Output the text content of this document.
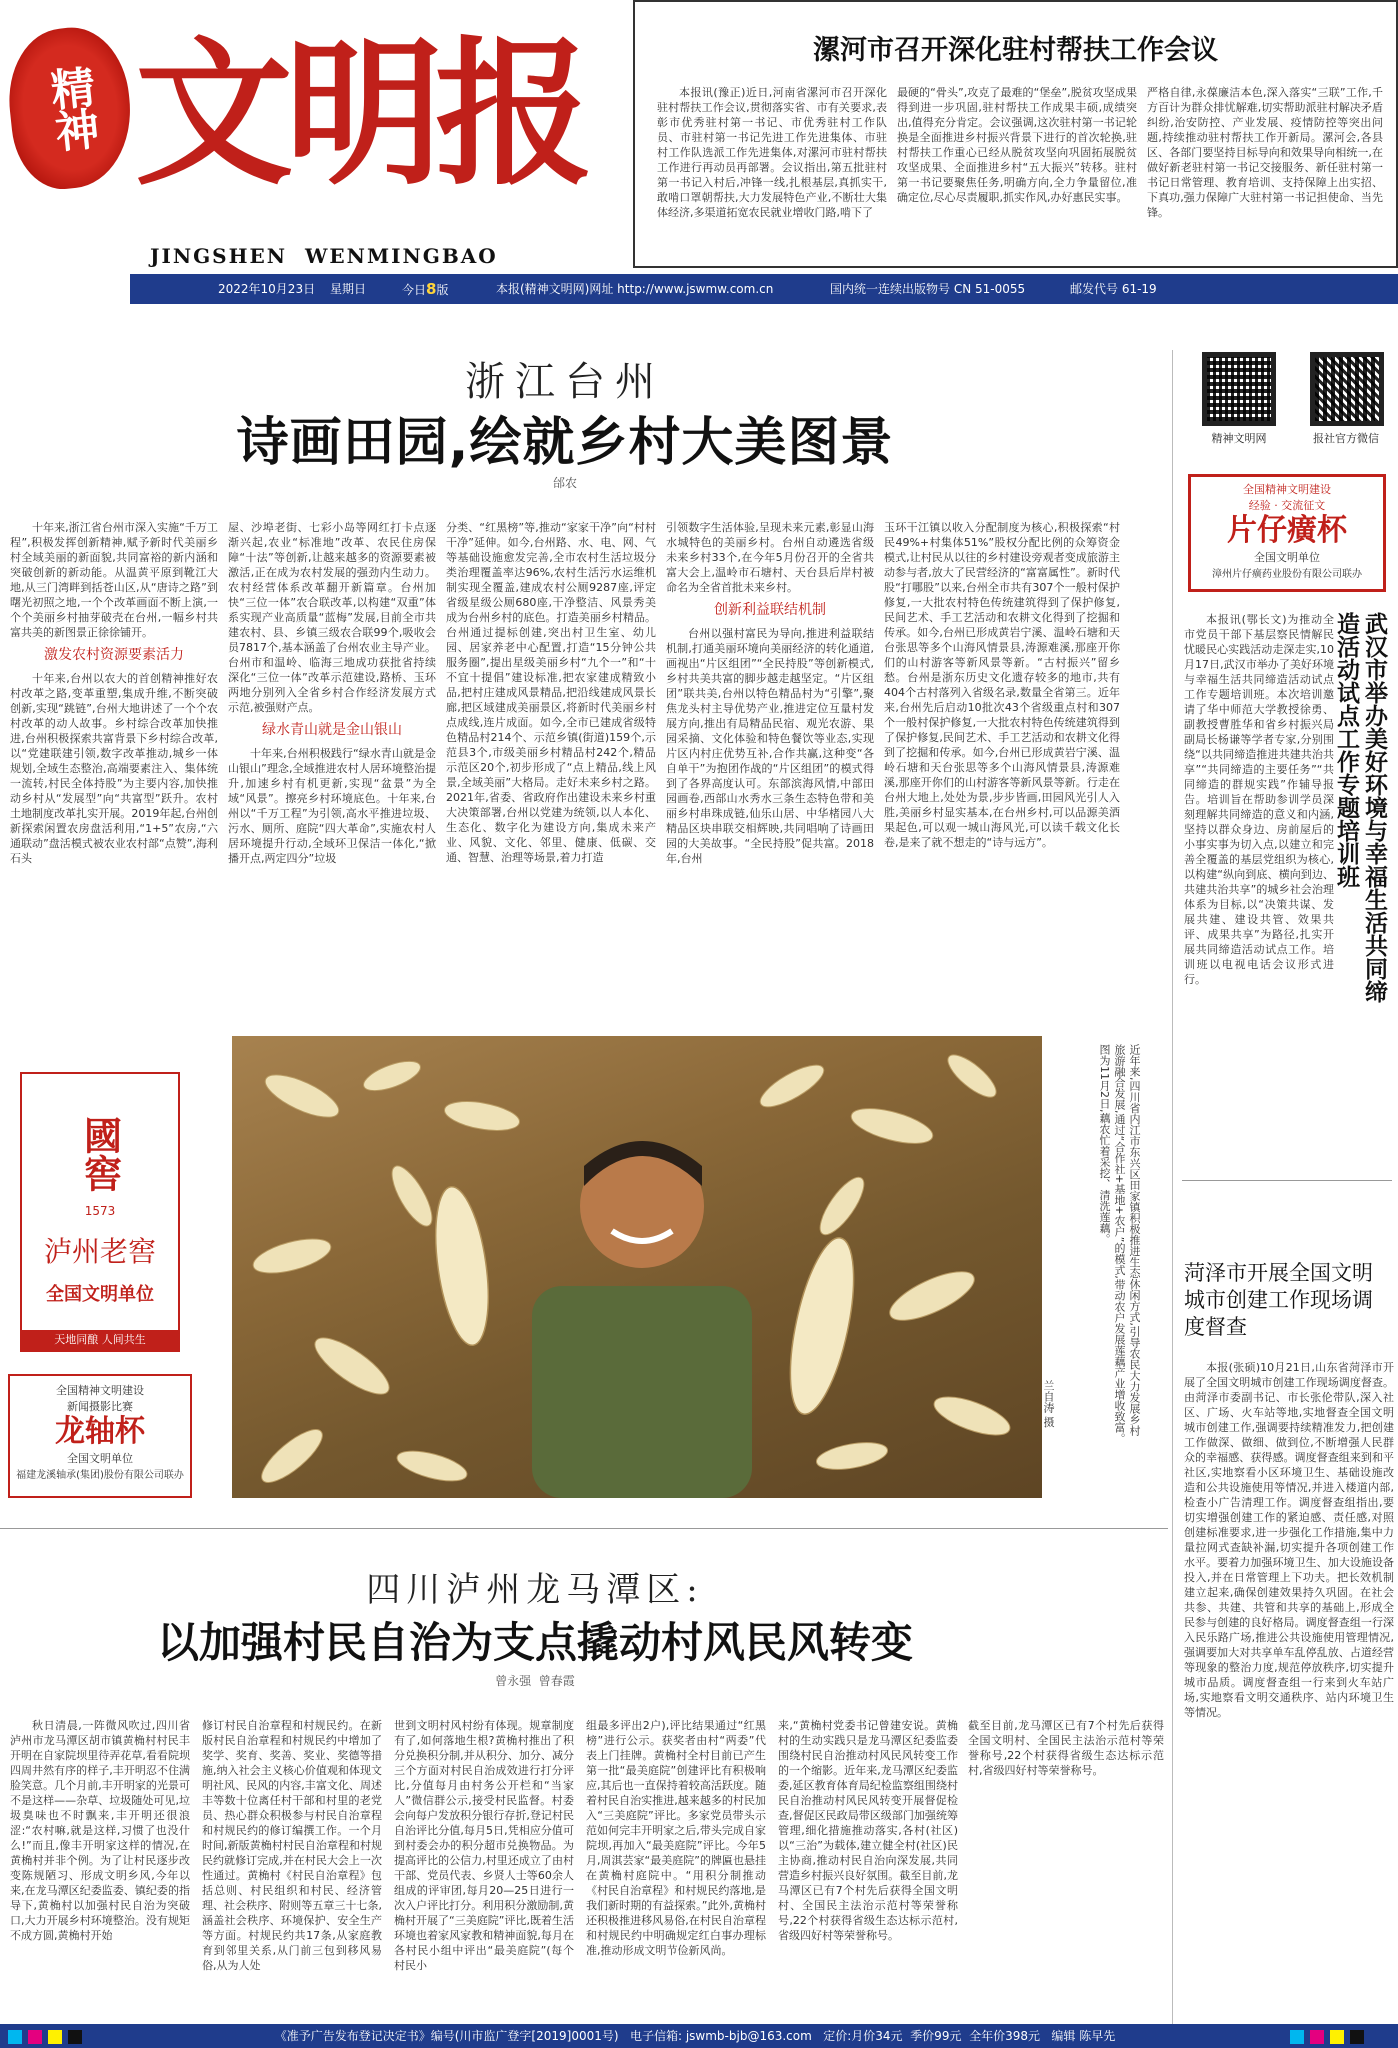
精神 文明报
JINGSHEN  WENMINGBAO
漯河市召开深化驻村帮扶工作会议
本报讯(豫正)近日,河南省漯河市召开深化驻村帮扶工作会议,贯彻落实省、市有关要求,表彰市优秀驻村第一书记、市优秀驻村工作队员、市驻村第一书记先进工作先进集体、市驻村工作队选派工作先进集体,对漯河市驻村帮扶工作进行再动员再部署。会议指出,第五批驻村第一书记入村后,冲锋一线,扎根基层,真抓实干,敢啃口罩朝帮扶,大力发展特色产业,不断壮大集体经济,多渠道拓宽农民就业增收门路,啃下了
最硬的“骨头”,攻克了最难的“堡垒”,脱贫攻坚成果得到进一步巩固,驻村帮扶工作成果丰硕,成绩突出,值得充分肯定。会议强调,这次驻村第一书记轮换是全面推进乡村振兴背景下进行的首次轮换,驻村帮扶工作重心已经从脱贫攻坚向巩固拓展脱贫攻坚成果、全面推进乡村“五大振兴”转移。驻村第一书记要聚焦任务,明确方向,全力争量留位,准确定位,尽心尽责履职,抓实作风,办好惠民实事。
严格自律,永葆廉洁本色,深入落实“三联”工作,千方百计为群众排忧解难,切实帮助派驻村解决矛盾纠纷,治安防控、产业发展、疫情防控等突出问题,持续推动驻村帮扶工作开新局。漯河会,各县区、各部门要坚持目标导向和效果导向相统一,在做好新老驻村第一书记交接服务、新任驻村第一书记日常管理、教育培训、支持保障上出实招、下真功,强力保障广大驻村第一书记担使命、当先锋。
2022年10月23日 星期日	今日8版	本报(精神文明网)网址 http://www.jswmw.com.cn	国内统一连续出版物号 CN 51-0055	邮发代号 61-19
浙江台州
诗画田园,绘就乡村大美图景
邰农

十年来,浙江省台州市深入实施“千万工程”,积极发挥创新精神,赋予新时代美丽乡村全域美丽的新面貌,共同富裕的新内涵和突破创新的新动能。从温黄平原到靴江大地,从三门湾畔到括苍山区,从“唐诗之路”到曙光初照之地,一个个改革画面不断上演,一个个美丽乡村抽芽破壳在台州,一幅乡村共富共美的新图景正徐徐铺开。

激发农村资源要素活力

十年来,台州以农大的首创精神推好农村改革之路,变革重塑,集成升维,不断突破创新,实现“跳链”,台州大地讲述了一个个农村改革的动人故事。乡村综合改革加快推进,台州积极探索共富背景下乡村综合改革,以“党建联建引领,数字改革推动,城乡一体规划,全域生态整治,高端要素注入、集体统一流转,村民全体持股”为主要内容,加快推动乡村从“发展型”向“共富型”跃升。农村土地制度改革扎实开展。2019年起,台州创新探索闲置农房盘活利用,“1+5”农房,“六通联动”盘活模式被农业农村部“点赞”,海利石头

屋、沙埠老街、七彩小岛等网红打卡点逐渐兴起,农业“标准地”改革、农民住房保障“十法”等创新,让越来越多的资源要素被激活,正在成为农村发展的强劲内生动力。农村经营体系改革翻开新篇章。台州加快“三位一体”农合联改革,以构建“双重”体系实现产业高质量“蓝梅”发展,目前全市共建农村、县、乡镇三级农合联99个,吸收会员7817个,基本涵盖了台州农业主导产业。台州市和温岭、临海三地成功获批省持续深化“三位一体”改革示范建设,路桥、玉环两地分别列入全省乡村合作经济发展方式示范,被强财产点。

绿水青山就是金山银山

十年来,台州积极践行“绿水青山就是金山银山”理念,全域推进农村人居环境整治提升,加速乡村有机更新,实现“盆景”为全域“风景”。擦亮乡村环境底色。十年来,台州以“千万工程”为引领,高水平推进垃圾、污水、厕所、庭院“四大革命”,实施农村人居环境提升行动,全域环卫保洁一体化,“掀播开点,两定四分”垃圾

分类、“红黑榜”等,推动“家家干净”向“村村干净”延伸。如今,台州路、水、电、网、气等基础设施愈发完善,全市农村生活垃圾分类治理覆盖率达96%,农村生活污水运维机制实现全覆盖,建成农村公厕9287座,评定省级星级公厕680座,干净整洁、风景秀美成为台州乡村的底色。打造美丽乡村精品。台州通过提标创建,突出村卫生室、幼儿园、居家养老中心配置,打造“15分钟公共服务圈”,提出星级美丽乡村“九个一”和“十不宜十提倡”建设标准,把农家建成精致小品,把村庄建成风景精品,把沿线建成风景长廊,把区域建成美丽景区,将新时代美丽乡村点成线,连片成面。如今,全市已建成省级特色精品村214个、示范乡镇(街道)159个,示范县3个,市级美丽乡村精品村242个,精品示范区20个,初步形成了“点上精品,线上风景,全域美丽”大格局。走好未来乡村之路。2021年,省委、省政府作出建设未来乡村重大决策部署,台州以党建为统领,以人本化、生态化、数字化为建设方向,集成未来产业、风貌、文化、邻里、健康、低碳、交通、智慧、治理等场景,着力打造

引领数字生活体验,呈现未来元素,彰显山海水城特色的美丽乡村。台州自动遴选省级未来乡村33个,在今年5月份召开的全省共富大会上,温岭市石塘村、天台县后岸村被命名为全省首批未来乡村。

创新利益联结机制

台州以强村富民为导向,推进利益联结机制,打通美丽环境向美丽经济的转化通道,画视出“片区组团”“全民持股”等创新模式,乡村共美共富的脚步越走越坚定。“片区组团”联共美,台州以特色精品村为“引擎”,聚焦龙头村主导优势产业,推进定位互量村发展方向,推出有局精品民宿、观光农游、果园采摘、文化体验和特色餐饮等业态,实现片区内村庄优势互补,合作共赢,这种变“各自单干”为抱团作战的“片区组团”的模式得到了各界高度认可。东部滨海风情,中部田园画卷,西部山水秀水三条生态特色带和美丽乡村串珠成链,仙乐山居、中华楮园八大精品区块串联交相辉映,共同唱响了诗画田园的大美故事。“全民持股”促共富。2018年,台州

玉环干江镇以收入分配制度为核心,积极探索“村民49%+村集体51%”股权分配比例的众筹资金模式,让村民从以往的乡村建设旁观者变成旅游主动参与者,放大了民营经济的“富富属性”。新时代股“打哪股”以来,台州全市共有307个一般村保护修复,一大批农村特色传统建筑得到了保护修复,民间艺术、手工艺活动和农耕文化得到了挖掘和传承。如今,台州已形成黄岩宁溪、温岭石塘和天台张思等多个山海风情景县,涛源难溪,那座开你们的山村游客等新风景等新。“古村振兴”留乡愁。台州是浙东历史文化遗存较多的地市,共有404个古村落列入省级名录,数量全省第三。近年来,台州先后启动10批次43个省级重点村和307个一般村保护修复,一大批农村特色传统建筑得到了保护修复,民间艺术、手工艺活动和农耕文化得到了挖掘和传承。如今,台州已形成黄岩宁溪、温岭石塘和天台张思等多个山海风情景县,涛源难溪,那座开你们的山村游客等新风景等新。行走在台州大地上,处处为景,步步皆画,田园风光引人入胜,美丽乡村显实基本,在台州乡村,可以品源美酒果起色,可以观一城山海风光,可以读千载文化长卷,是来了就不想走的“诗与远方”。
精神文明网	报社官方微信
全国精神文明建设
经验 · 交流征文
片仔癀杯
全国文明单位
漳州片仔癀药业股份有限公司联办
武汉市举办美好环境与幸福生活共同缔造活动试点工作专题培训班
本报讯(鄂长文)为推动全市党员干部下基层察民情解民忧暖民心实践活动走深走实,10月17日,武汉市举办了美好环境与幸福生活共同缔造活动试点工作专题培训班。本次培训邀请了华中师范大学教授徐勇、副教授曹胜华和省乡村振兴局副局长杨谦等学者专家,分别围绕“以共同缔造推进共建共治共享”“共同缔造的主要任务”“共同缔造的群规实践”作辅导报告。培训旨在帮助参训学员深刻理解共同缔造的意义和内涵,坚持以群众身边、房前屋后的小事实事为切入点,以建立和完善全覆盖的基层党组织为核心,以构建“纵向到底、横向到边、共建共治共享”的城乡社会治理体系为目标,以“决策共谋、发展共建、建设共管、效果共评、成果共享”为路径,扎实开展共同缔造活动试点工作。培训班以电视电话会议形式进行。
菏泽市开展全国文明城市创建工作现场调度督查
本报(张硕)10月21日,山东省菏泽市开展了全国文明城市创建工作现场调度督查。由菏泽市委副书记、市长张伦带队,深入社区、广场、火车站等地,实地督查全国文明城市创建工作,强调要持续精准发力,把创建工作做深、做细、做到位,不断增强人民群众的幸福感、获得感。调度督查组来到和平社区,实地察看小区环境卫生、基础设施改造和公共设施使用等情况,并进入楼道内部,检查小广告清理工作。调度督查组指出,要切实增强创建工作的紧迫感、责任感,对照创建标准要求,进一步强化工作措施,集中力量拉网式查缺补漏,切实提升各项创建工作水平。要着力加强环境卫生、加大设施设备投入,并在日常管理上下功夫。把长效机制建立起来,确保创建效果持久巩固。在社会共参、共建、共管和共享的基础上,形成全民参与创建的良好格局。调度督查组一行深入民乐路广场,推进公共设施使用管理情况,强调要加大对共享单车乱停乱放、占道经营等现象的整治力度,规范停放秩序,切实提升城市品质。调度督查组一行来到火车站广场,实地察看文明交通秩序、站内环境卫生等情况。
近年来,四川省内江市东兴区田家镇积极推进生态休闲方式,引导农民大力发展乡村旅游融合发展,通过“合作社+基地+农户”的模式,带动农户发展莲藕产业增收致富。图为11月2日,藕农忙着采挖、清洗莲藕。
兰自涛 摄
國窖
1573
泸州老窖
全国文明单位
天地同酿 人间共生
全国精神文明建设
新闻摄影比赛
龙轴杯
全国文明单位
福建龙溪轴承(集团)股份有限公司联办
四川泸州龙马潭区:
以加强村民自治为支点撬动村风民风转变
曾永强  曾春霞
秋日清晨,一阵微风吹过,四川省泸州市龙马潭区胡市镇黄桷村村民丰开明在自家院坝里待弄花草,看看院坝四周井然有序的样子,丰开明忍不住满脸笑意。几个月前,丰开明家的光景可不是这样——杂草、垃圾随处可见,垃圾臭味也不时飘来,丰开明还很浪涩:“农村嘛,就是这样,习惯了也没什么!”而且,像丰开明家这样的情况,在黄桷村并非个例。为了让村民逐步改变陈规陋习、形成文明乡风,今年以来,在龙马潭区纪委监委、镇纪委的指导下,黄桷村以加强村民自治为突破口,大力开展乡村环境整治。没有规矩不成方圆,黄桷村开始
修订村民自治章程和村规民约。在新版村民自治章程和村规民约中增加了奖学、奖育、奖善、奖业、奖德等措施,纳入社会主义核心价值观和体现文明社风、民风的内容,丰富文化、周述丰等数十位离任村干部和村里的老党员、热心群众积极参与村民自治章程和村规民约的修订编撰工作。一个月时间,新版黄桷村村民自治章程和村规民约就修订完成,并在村民大会上一次性通过。黄桷村《村民自治章程》包括总则、村民组织和村民、经济管理、社会秩序、附则等五章三十七条,涵盖社会秩序、环境保护、安全生产等方面。村规民约共17条,从家庭教育到邻里关系,从门前三包到移风易俗,从为人处
世到文明村风村纷有体现。规章制度有了,如何落地生根?黄桷村推出了积分兑换积分制,并从积分、加分、减分三个方面对村民自治成效进行打分评比,分值每月由村务公开栏和“当家人”微信群公示,接受村民监督。村委会向每户发放积分银行存折,登记村民自治评比分值,每月5日,凭相应分值可到村委会办的积分超市兑换物品。为提高评比的公信力,村里还成立了由村干部、党员代表、乡贤人士等60余人组成的评审团,每月20—25日进行一次入户评比打分。利用积分激励制,黄桷村开展了“三美庭院”评比,既着生活环境也着家风家教和精神面貌,每月在各村民小组中评出“最美庭院”(每个村民小
组最多评出2户),评比结果通过“红黑榜”进行公示。获奖者由村“两委”代表上门挂牌。黄桷村全村目前已产生第一批“最美庭院”创建评比有积极响应,其后也一直保持着较高活跃度。随着村民自治实推进,越来越多的村民加入“三美庭院”评比。多家党员带头示范如何完丰开明家之后,带头完成自家院坝,再加入“最美庭院”评比。今年5月,周淇芸家“最美庭院”的牌匾也悬挂在黄桷村庭院中。“用积分制推动《村民自治章程》和村规民约落地,是我们新时期的有益探索。”此外,黄桷村还积极推进移风易俗,在村民自治章程和村规民约中明确规定红白事办理标准,推动形成文明节俭新风尚。
来,“黄桷村党委书记曾建安说。黄桷村的生动实践只是龙马潭区纪委监委围绕村民自治推动村风民风转变工作的一个缩影。近年来,龙马潭区纪委监委,延区教育体育局纪检监察组围绕村民自治推动村风民风转变开展督促检查,督促区民政局带区级部门加强统筹管理,细化措施推动落实,各村(社区)以“三治”为载体,建立健全村(社区)民主协商,推动村民自治向深发展,共同营造乡村振兴良好氛围。截至目前,龙马潭区已有7个村先后获得全国文明村、全国民主法治示范村等荣誉称号,22个村获得省级生态达标示范村,省级四好村等荣誉称号。
截至目前,龙马潭区已有7个村先后获得全国文明村、全国民主法治示范村等荣誉称号,22个村获得省级生态达标示范村,省级四好村等荣誉称号。
《准予广告发布登记决定书》编号(川市监广登字[2019]0001号)   电子信箱: jswmb-bjb@163.com   定价:月价34元  季价99元  全年价398元   编辑 陈早先
